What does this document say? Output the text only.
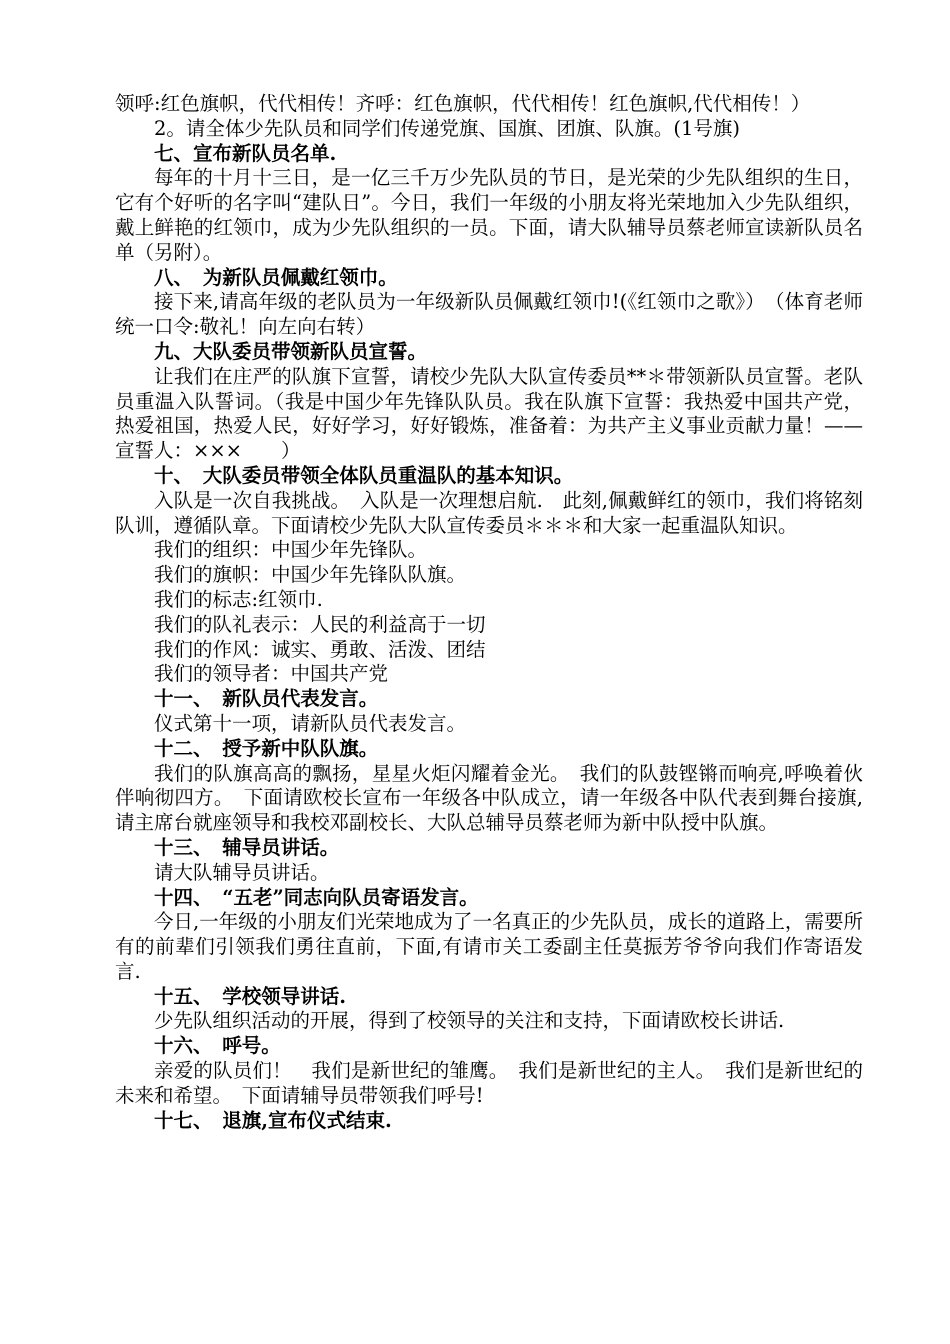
领呼:红色旗帜，代代相传！齐呼：红色旗帜，代代相传！红色旗帜,代代相传！）

2。请全体少先队员和同学们传递党旗、国旗、团旗、队旗。(1号旗)

七、宣布新队员名单.

每年的十月十三日，是一亿三千万少先队员的节日，是光荣的少先队组织的生日，它有个好听的名字叫“建队日”。今日，我们一年级的小朋友将光荣地加入少先队组织，戴上鲜艳的红领巾，成为少先队组织的一员。下面，请大队辅导员蔡老师宣读新队员名单（另附）。

八、　为新队员佩戴红领巾。

接下来,请高年级的老队员为一年级新队员佩戴红领巾!(《红领巾之歌》）　（体育老师统一口令:敬礼！向左向右转）

九、大队委员带领新队员宣誓。

让我们在庄严的队旗下宣誓，请校少先队大队宣传委员**＊带领新队员宣誓。老队员重温入队誓词。（我是中国少年先锋队队员。我在队旗下宣誓：我热爱中国共产党，热爱祖国，热爱人民，好好学习，好好锻炼，准备着：为共产主义事业贡献力量！——宣誓人：×××　　）

十、　大队委员带领全体队员重温队的基本知识。

入队是一次自我挑战。　入队是一次理想启航.　此刻,佩戴鲜红的领巾，我们将铭刻队训，遵循队章。下面请校少先队大队宣传委员＊＊＊和大家一起重温队知识。

我们的组织：中国少年先锋队。

我们的旗帜：中国少年先锋队队旗。

我们的标志:红领巾.

我们的队礼表示：人民的利益高于一切

我们的作风：诚实、勇敢、活泼、团结

我们的领导者：中国共产党

十一、　新队员代表发言。

仪式第十一项，请新队员代表发言。

十二、　授予新中队队旗。

我们的队旗高高的飘扬，星星火炬闪耀着金光。　我们的队鼓铿锵而响亮,呼唤着伙伴响彻四方。　下面请欧校长宣布一年级各中队成立，请一年级各中队代表到舞台接旗,请主席台就座领导和我校邓副校长、大队总辅导员蔡老师为新中队授中队旗。

十三、　辅导员讲话。

请大队辅导员讲话。

十四、　“五老”同志向队员寄语发言。

今日,一年级的小朋友们光荣地成为了一名真正的少先队员，成长的道路上，需要所有的前辈们引领我们勇往直前，下面,有请市关工委副主任莫振芳爷爷向我们作寄语发言.

十五、　学校领导讲话.

少先队组织活动的开展，得到了校领导的关注和支持，下面请欧校长讲话.

十六、　呼号。

亲爱的队员们！　我们是新世纪的雏鹰。　我们是新世纪的主人。　我们是新世纪的未来和希望。　下面请辅导员带领我们呼号!

十七、　退旗,宣布仪式结束.
